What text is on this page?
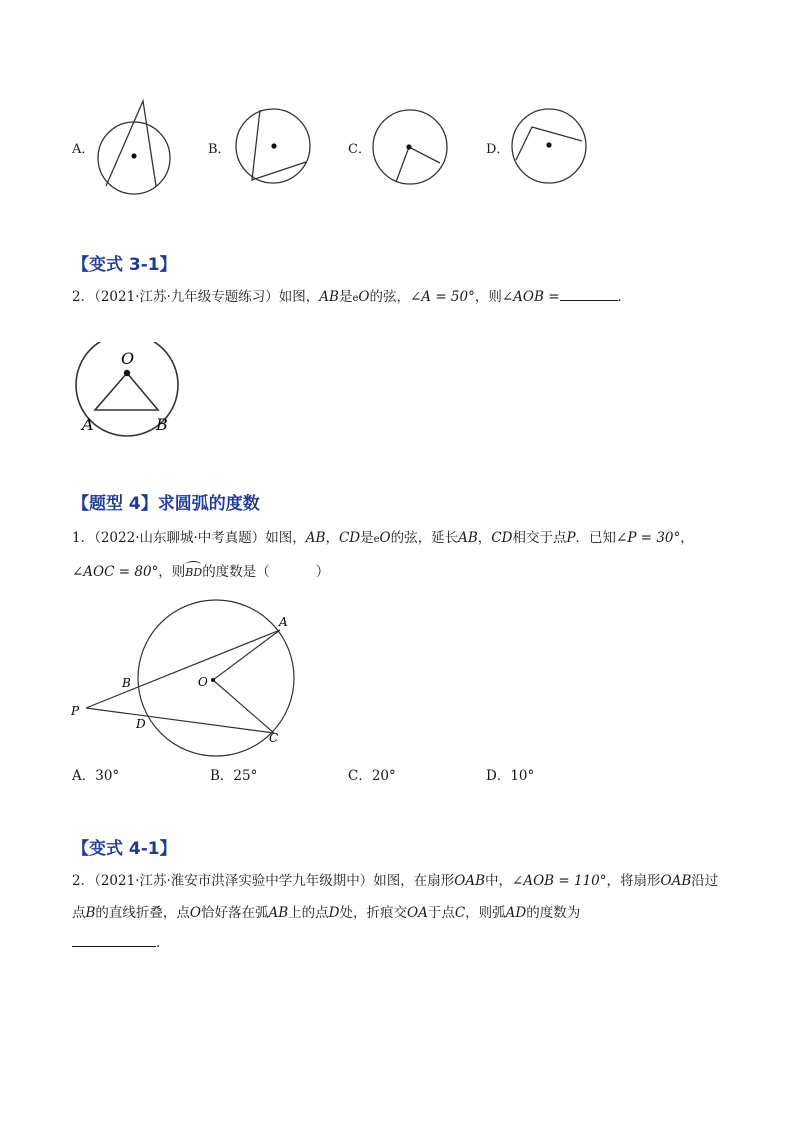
A．	B．	C．	D．
【变式 3-1】
2．（2021·江苏·九年级专题练习）如图，AB是eO的弦，∠A = 50°，则∠AOB =	．
O
A	B
【题型 4】求圆弧的度数
1．（2022·山东聊城·中考真题）如图，AB，CD是eO的弦，延长AB，CD相交于点P．已知∠P = 30°，
∠AOC = 80°，则
BD的度数是（	）
A
B	O
P
D
C
A．30°	B．25°	C．20°	D．10°
【变式 4-1】
2．（2021·江苏·淮安市洪泽实验中学九年级期中）如图，在扇形OAB中，∠AOB = 110°，将扇形OAB沿过
点B的直线折叠，点O恰好落在弧AB上的点D处，折痕交OA于点C，则弧AD的度数为
．
